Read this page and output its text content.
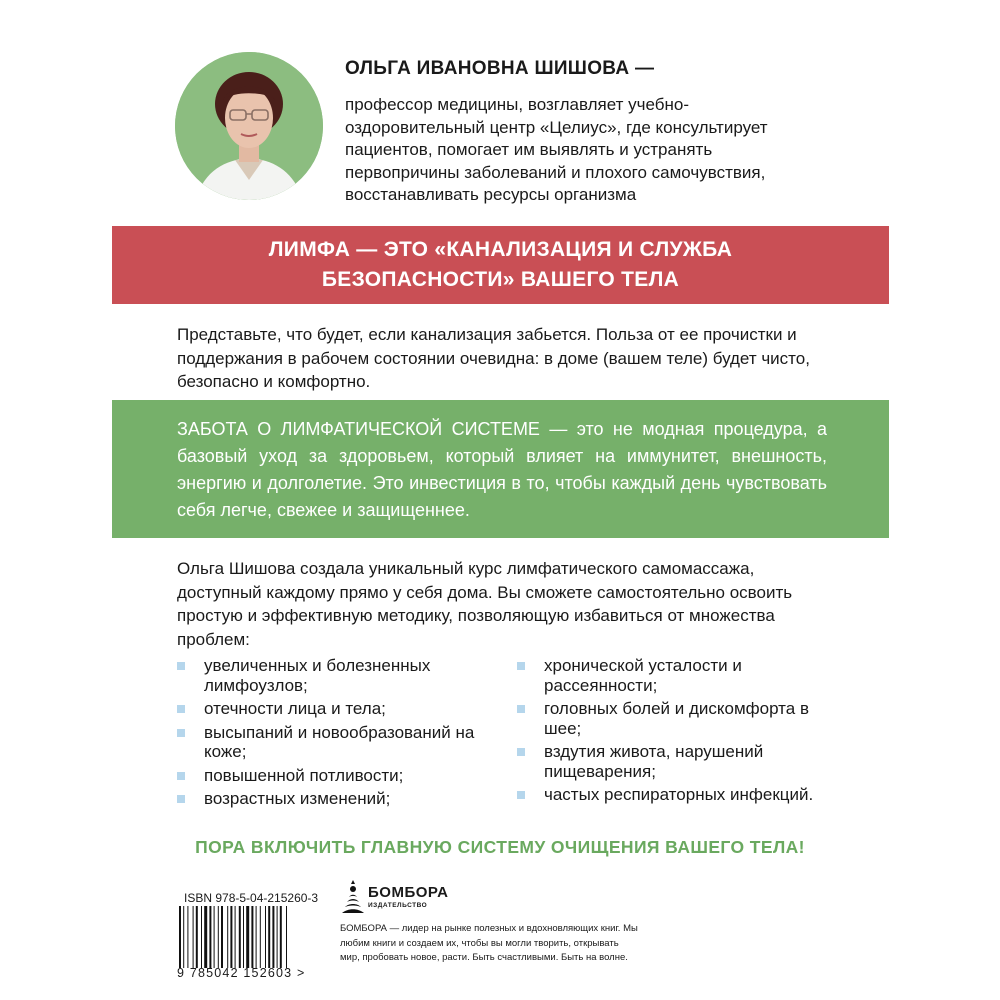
ОЛЬГА ИВАНОВНА ШИШОВА —

профессор медицины, возглавляет учебно-оздоровительный центр «Целиус», где консультирует пациентов, помогает им выявлять и устранять первопричины заболеваний и плохого самочувствия, восстанавливать ресурсы организма

ЛИМФА — ЭТО «КАНАЛИЗАЦИЯ И СЛУЖБА
БЕЗОПАСНОСТИ» ВАШЕГО ТЕЛА

Представьте, что будет, если канализация забьется. Польза от ее прочистки и поддержания в рабочем состоянии очевидна: в доме (вашем теле) будет чисто, безопасно и комфортно.

ЗАБОТА О ЛИМФАТИЧЕСКОЙ СИСТЕМЕ — это не модная процедура, а базовый уход за здоровьем, который влияет на иммунитет, внешность, энергию и долголетие. Это инвестиция в то, чтобы каждый день чувствовать себя легче, свежее и защищеннее.

Ольга Шишова создала уникальный курс лимфатического самомассажа, доступный каждому прямо у себя дома. Вы сможете самостоятельно освоить простую и эффективную методику, позволяющую избавиться от множества проблем:

увеличенных и болезненных лимфоузлов;
отечности лица и тела;
высыпаний и новообразований на коже;
повышенной потливости;
возрастных изменений;
хронической усталости и рассеянности;
головных болей и дискомфорта в шее;
вздутия живота, нарушений пищеварения;
частых респираторных инфекций.

ПОРА ВКЛЮЧИТЬ ГЛАВНУЮ СИСТЕМУ ОЧИЩЕНИЯ ВАШЕГО ТЕЛА!

ISBN 978-5-04-215260-3
9 785042 152603 >
БОМБОРА
ИЗДАТЕЛЬСТВО

БОМБОРА — лидер на рынке полезных и вдохновляющих книг. Мы любим книги и создаем их, чтобы вы могли творить, открывать мир, пробовать новое, расти. Быть счастливыми. Быть на волне.
